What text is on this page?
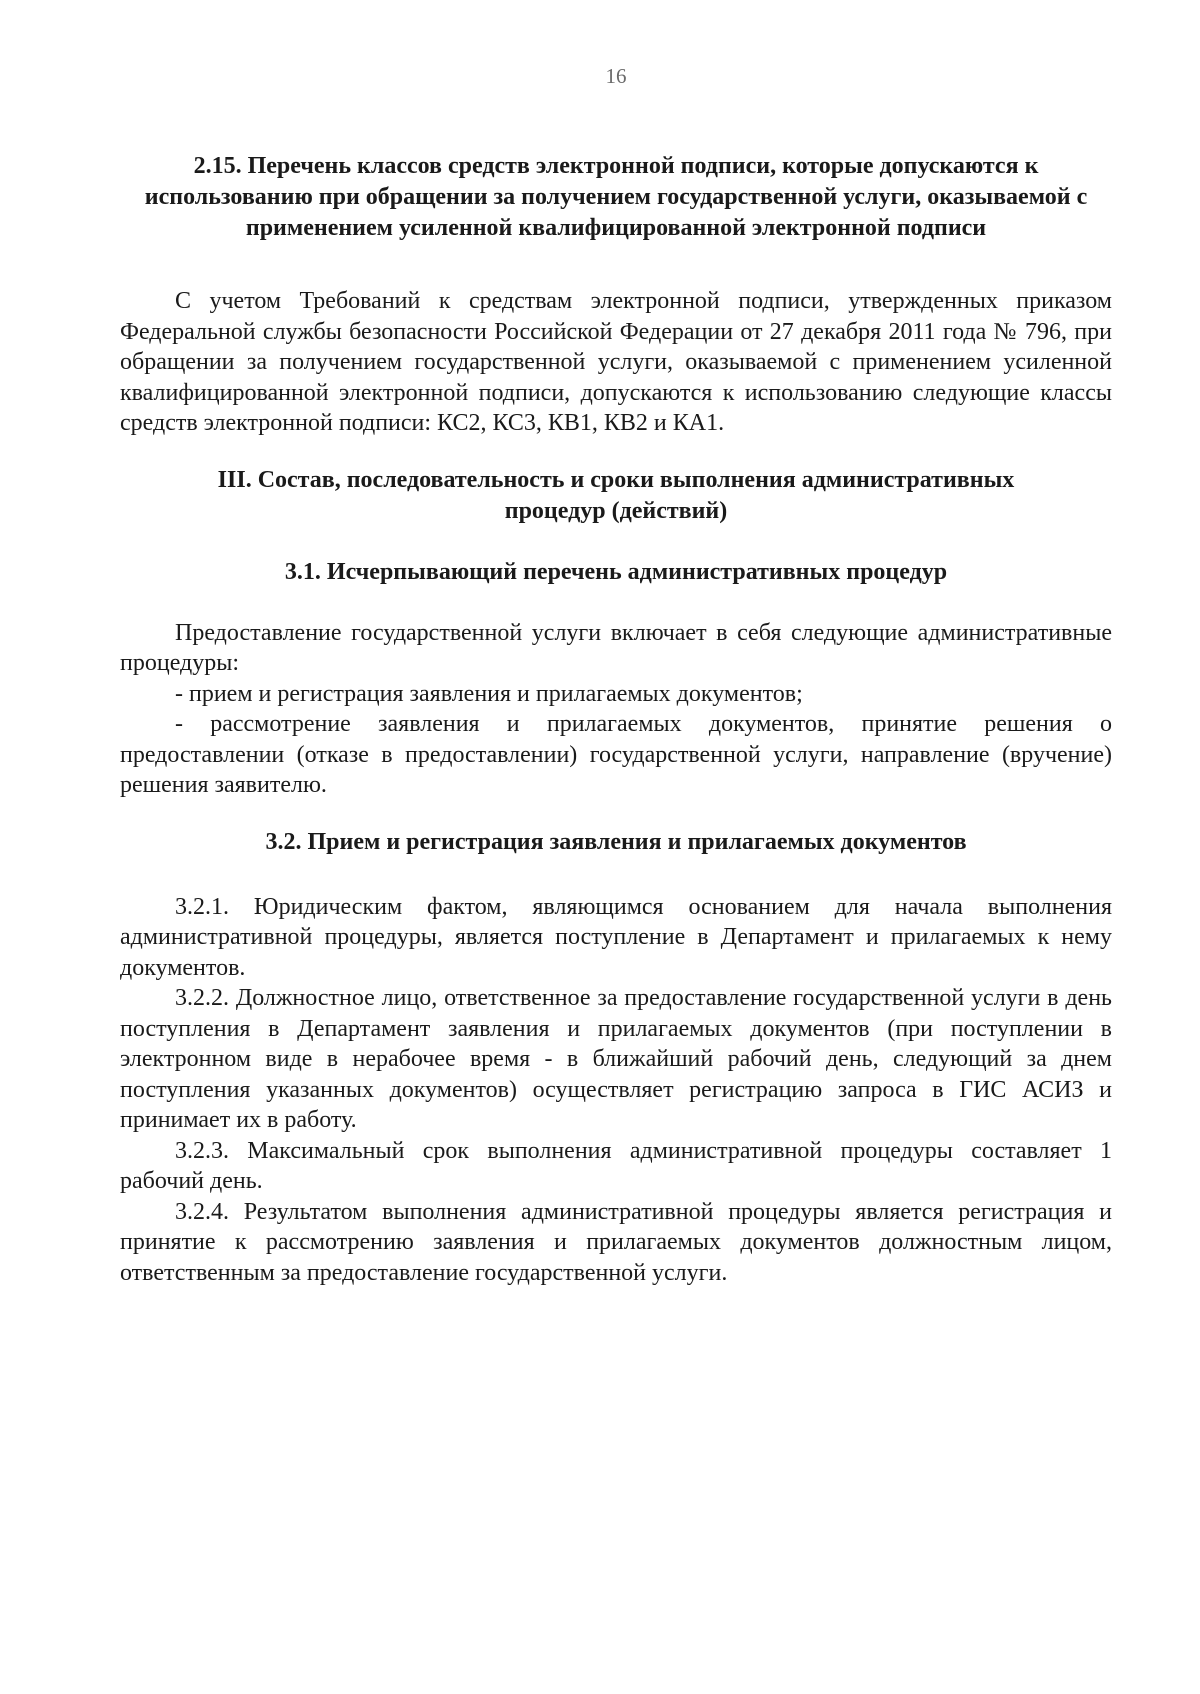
16
2.15. Перечень классов средств электронной подписи, которые допускаются к использованию при обращении за получением государственной услуги, оказываемой с применением усиленной квалифицированной электронной подписи

С учетом Требований к средствам электронной подписи, утвержденных приказом Федеральной службы безопасности Российской Федерации от 27 декабря 2011 года № 796, при обращении за получением государственной услуги, оказываемой с применением усиленной квалифицированной электронной подписи, допускаются к использованию следующие классы средств электронной подписи: КС2, КС3, КВ1, КВ2 и КА1.

III. Состав, последовательность и сроки выполнения административных процедур (действий)
3.1. Исчерпывающий перечень административных процедур

Предоставление государственной услуги включает в себя следующие административные процедуры:

- прием и регистрация заявления и прилагаемых документов;

- рассмотрение заявления и прилагаемых документов, принятие решения о предоставлении (отказе в предоставлении) государственной услуги, направление (вручение) решения заявителю.

3.2. Прием и регистрация заявления и прилагаемых документов

3.2.1. Юридическим фактом, являющимся основанием для начала выполнения административной процедуры, является поступление в Департамент и прилагаемых к нему документов.

3.2.2. Должностное лицо, ответственное за предоставление государственной услуги в день поступления в Департамент заявления и прилагаемых документов (при поступлении в электронном виде в нерабочее время - в ближайший рабочий день, следующий за днем поступления указанных документов) осуществляет регистрацию запроса в ГИС АСИЗ и принимает их в работу.

3.2.3. Максимальный срок выполнения административной процедуры составляет 1 рабочий день.

3.2.4. Результатом выполнения административной процедуры является регистрация и принятие к рассмотрению заявления и прилагаемых документов должностным лицом, ответственным за предоставление государственной услуги.
